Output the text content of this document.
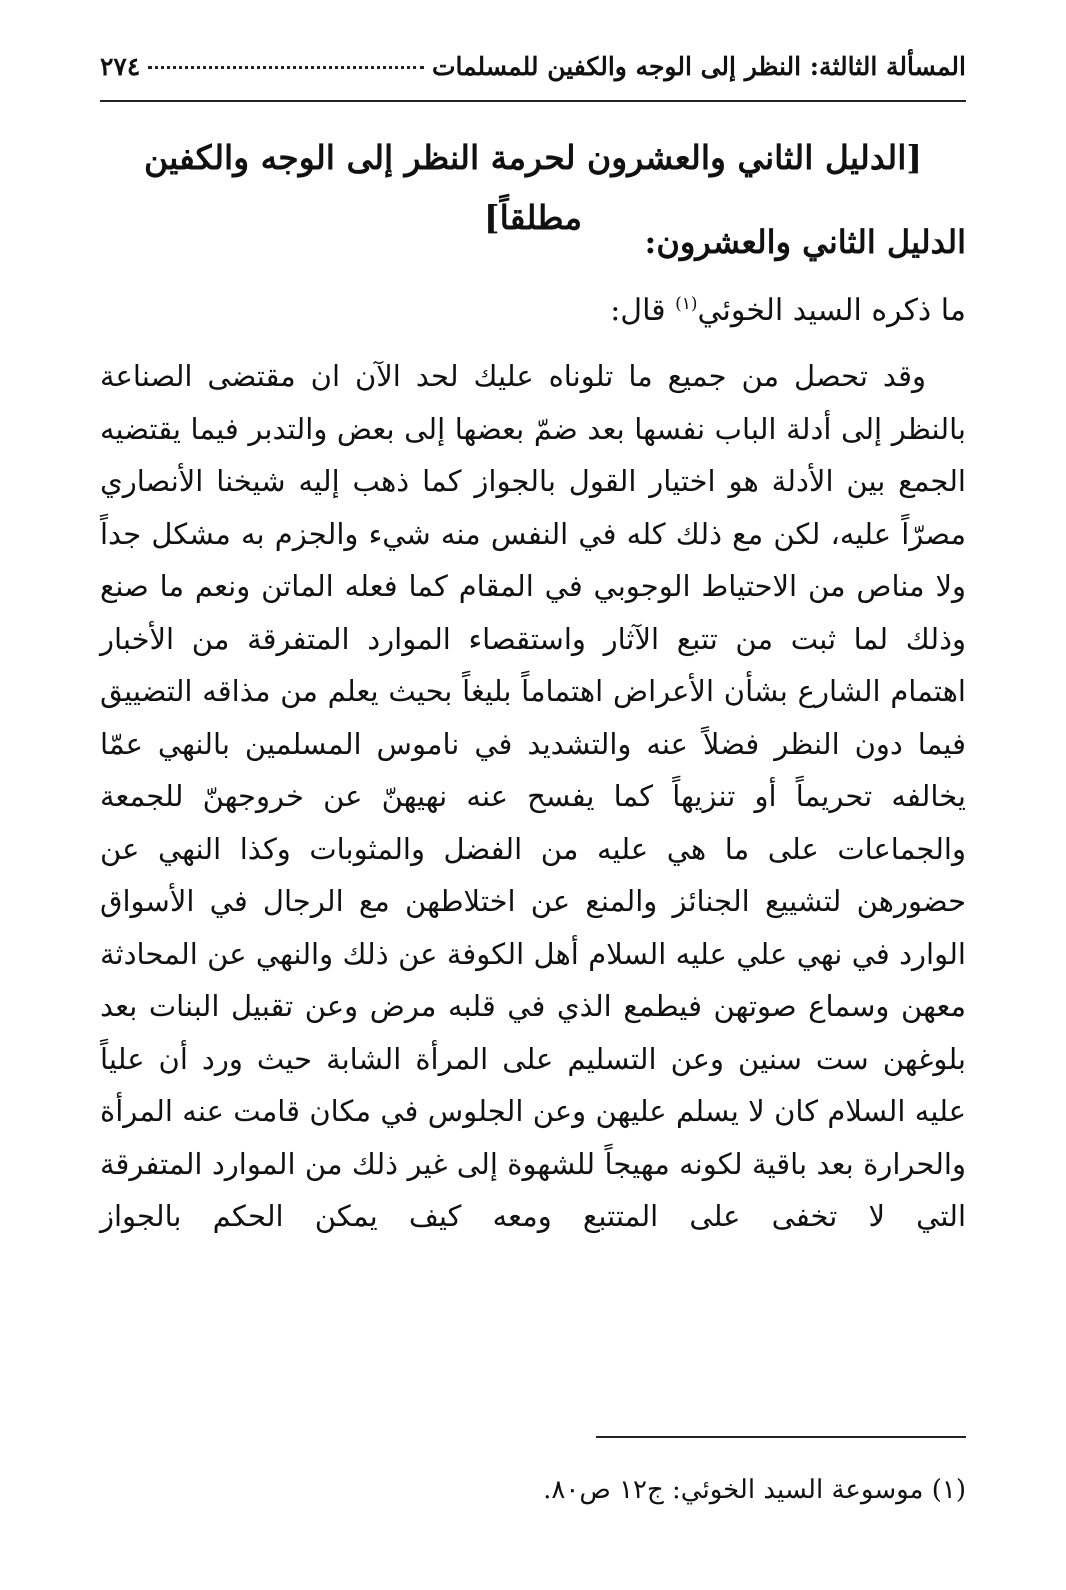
المسألة الثالثة: النظر إلى الوجه والكفين للمسلمات
٢٧٤
[الدليل الثاني والعشرون لحرمة النظر إلى الوجه والكفين مطلقاً]
الدليل الثاني والعشرون:
ما ذكره السيد الخوئي$^{(١)}$ قال:
وقد تحصل من جميع ما تلوناه عليك لحد الآن ان مقتضى الصناعة بالنظر إلى أدلة الباب نفسها بعد ضمّ بعضها إلى بعض والتدبر فيما يقتضيه الجمع بين الأدلة هو اختيار القول بالجواز كما ذهب إليه شيخنا الأنصاري مصرّاً عليه، لكن مع ذلك كله في النفس منه شيء والجزم به مشكل جداً ولا مناص من الاحتياط الوجوبي في المقام كما فعله الماتن ونعم ما صنع وذلك لما ثبت من تتبع الآثار واستقصاء الموارد المتفرقة من الأخبار اهتمام الشارع بشأن الأعراض اهتماماً بليغاً بحيث يعلم من مذاقه التضييق فيما دون النظر فضلاً عنه والتشديد في ناموس المسلمين بالنهي عمّا يخالفه تحريماً أو تنزيهاً كما يفسح عنه نهيهنّ عن خروجهنّ للجمعة والجماعات على ما هي عليه من الفضل والمثوبات وكذا النهي عن حضورهن لتشييع الجنائز والمنع عن اختلاطهن مع الرجال في الأسواق الوارد في نهي علي عليه السلام أهل الكوفة عن ذلك والنهي عن المحادثة معهن وسماع صوتهن فيطمع الذي في قلبه مرض وعن تقبيل البنات بعد بلوغهن ست سنين وعن التسليم على المرأة الشابة حيث ورد أن علياً عليه السلام كان لا يسلم عليهن وعن الجلوس في مكان قامت عنه المرأة والحرارة بعد باقية لكونه مهيجاً للشهوة إلى غير ذلك من الموارد المتفرقة التي لا تخفى على المتتبع ومعه كيف يمكن الحكم بالجواز
(١) موسوعة السيد الخوئي: ج١٢ ص٨٠.
